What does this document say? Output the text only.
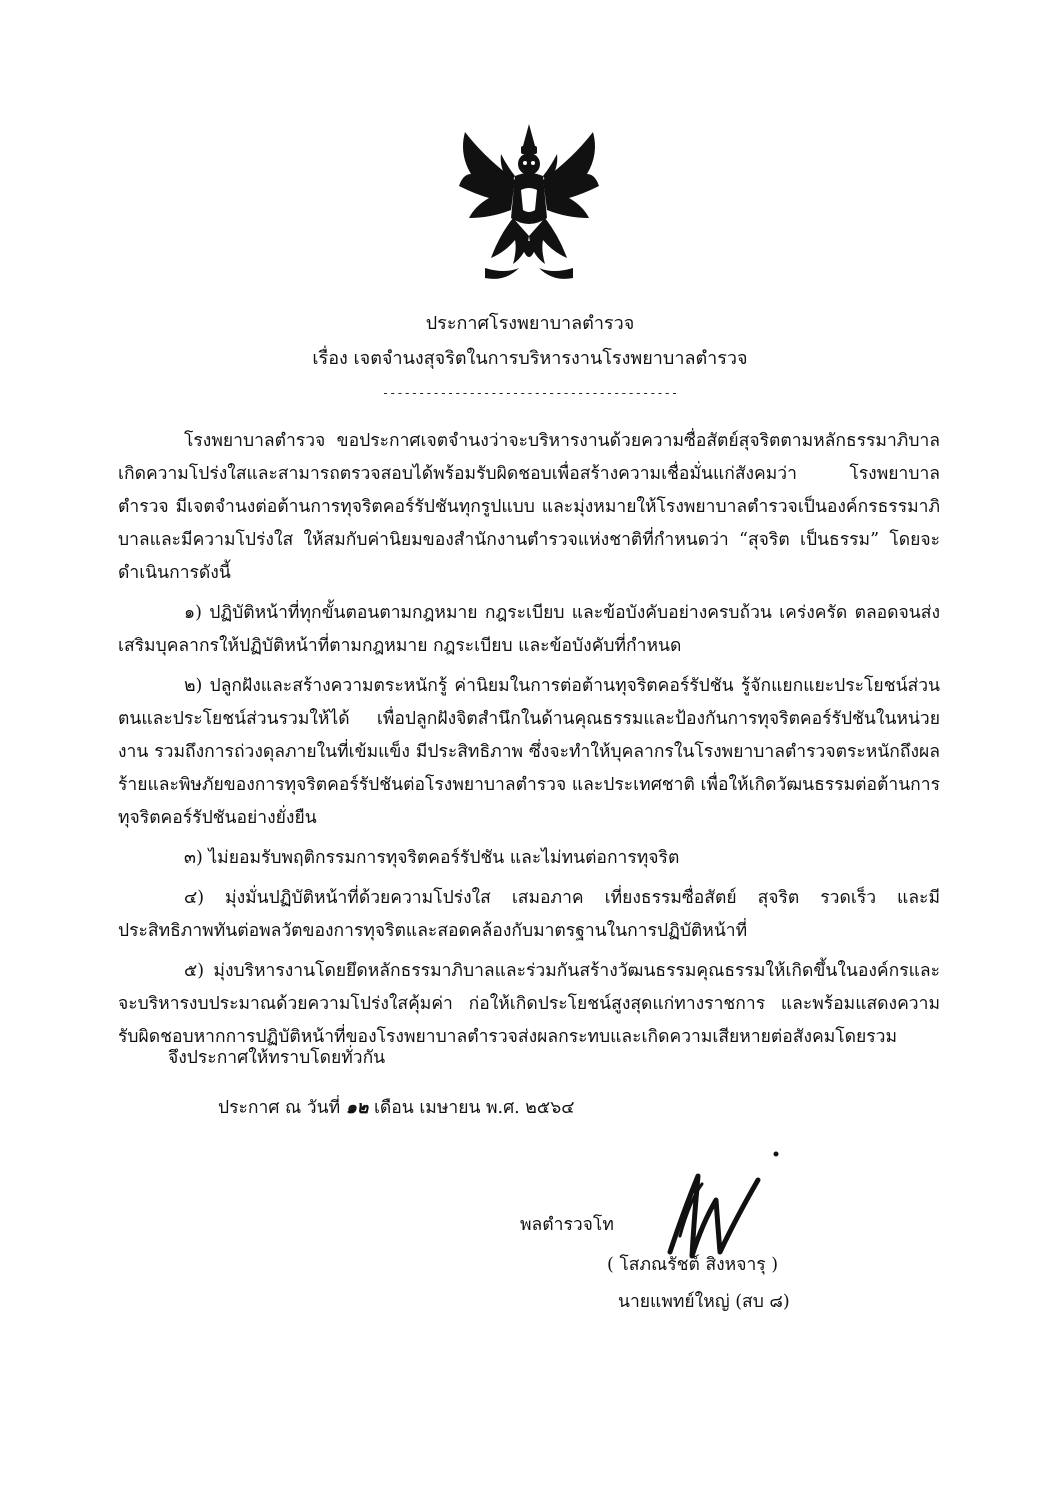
ประกาศโรงพยาบาลตำรวจ
เรื่อง เจตจำนงสุจริตในการบริหารงานโรงพยาบาลตำรวจ
-----------------------------------------

โรงพยาบาลตำรวจ ขอประกาศเจตจำนงว่าจะบริหารงานด้วยความซื่อสัตย์สุจริตตามหลักธรรมาภิบาล เกิดความโปร่งใสและสามารถตรวจสอบได้พร้อมรับผิดชอบเพื่อสร้างความเชื่อมั่นแก่สังคมว่า โรงพยาบาลตำรวจ มีเจตจำนงต่อต้านการทุจริตคอร์รัปชันทุกรูปแบบ และมุ่งหมายให้โรงพยาบาลตำรวจเป็นองค์กรธรรมาภิบาลและมีความโปร่งใส ให้สมกับค่านิยมของสำนักงานตำรวจแห่งชาติที่กำหนดว่า “สุจริต เป็นธรรม” โดยจะดำเนินการดังนี้

๑) ปฏิบัติหน้าที่ทุกขั้นตอนตามกฎหมาย กฎระเบียบ และข้อบังคับอย่างครบถ้วน เคร่งครัด ตลอดจนส่งเสริมบุคลากรให้ปฏิบัติหน้าที่ตามกฎหมาย กฎระเบียบ และข้อบังคับที่กำหนด

๒) ปลูกฝังและสร้างความตระหนักรู้ ค่านิยมในการต่อต้านทุจริตคอร์รัปชัน รู้จักแยกแยะประโยชน์ส่วนตนและประโยชน์ส่วนรวมให้ได้ เพื่อปลูกฝังจิตสำนึกในด้านคุณธรรมและป้องกันการทุจริตคอร์รัปชันในหน่วยงาน รวมถึงการถ่วงดุลภายในที่เข้มแข็ง มีประสิทธิภาพ ซึ่งจะทำให้บุคลากรในโรงพยาบาลตำรวจตระหนักถึงผลร้ายและพิษภัยของการทุจริตคอร์รัปชันต่อโรงพยาบาลตำรวจ และประเทศชาติ เพื่อให้เกิดวัฒนธรรมต่อต้านการทุจริตคอร์รัปชันอย่างยั่งยืน

๓) ไม่ยอมรับพฤติกรรมการทุจริตคอร์รัปชัน และไม่ทนต่อการทุจริต

๔) มุ่งมั่นปฏิบัติหน้าที่ด้วยความโปร่งใส เสมอภาค เที่ยงธรรมซื่อสัตย์ สุจริต รวดเร็ว และมีประสิทธิภาพทันต่อพลวัตของการทุจริตและสอดคล้องกับมาตรฐานในการปฏิบัติหน้าที่

๕) มุ่งบริหารงานโดยยึดหลักธรรมาภิบาลและร่วมกันสร้างวัฒนธรรมคุณธรรมให้เกิดขึ้นในองค์กรและจะบริหารงบประมาณด้วยความโปร่งใสคุ้มค่า ก่อให้เกิดประโยชน์สูงสุดแก่ทางราชการ และพร้อมแสดงความรับผิดชอบหากการปฏิบัติหน้าที่ของโรงพยาบาลตำรวจส่งผลกระทบและเกิดความเสียหายต่อสังคมโดยรวม

จึงประกาศให้ทราบโดยทั่วกัน
ประกาศ ณ วันที่ ๑๒ เดือน เมษายน พ.ศ. ๒๕๖๔
พลตำรวจโท
( โสภณรัชต์ สิงหจารุ )
นายแพทย์ใหญ่ (สบ ๘)
